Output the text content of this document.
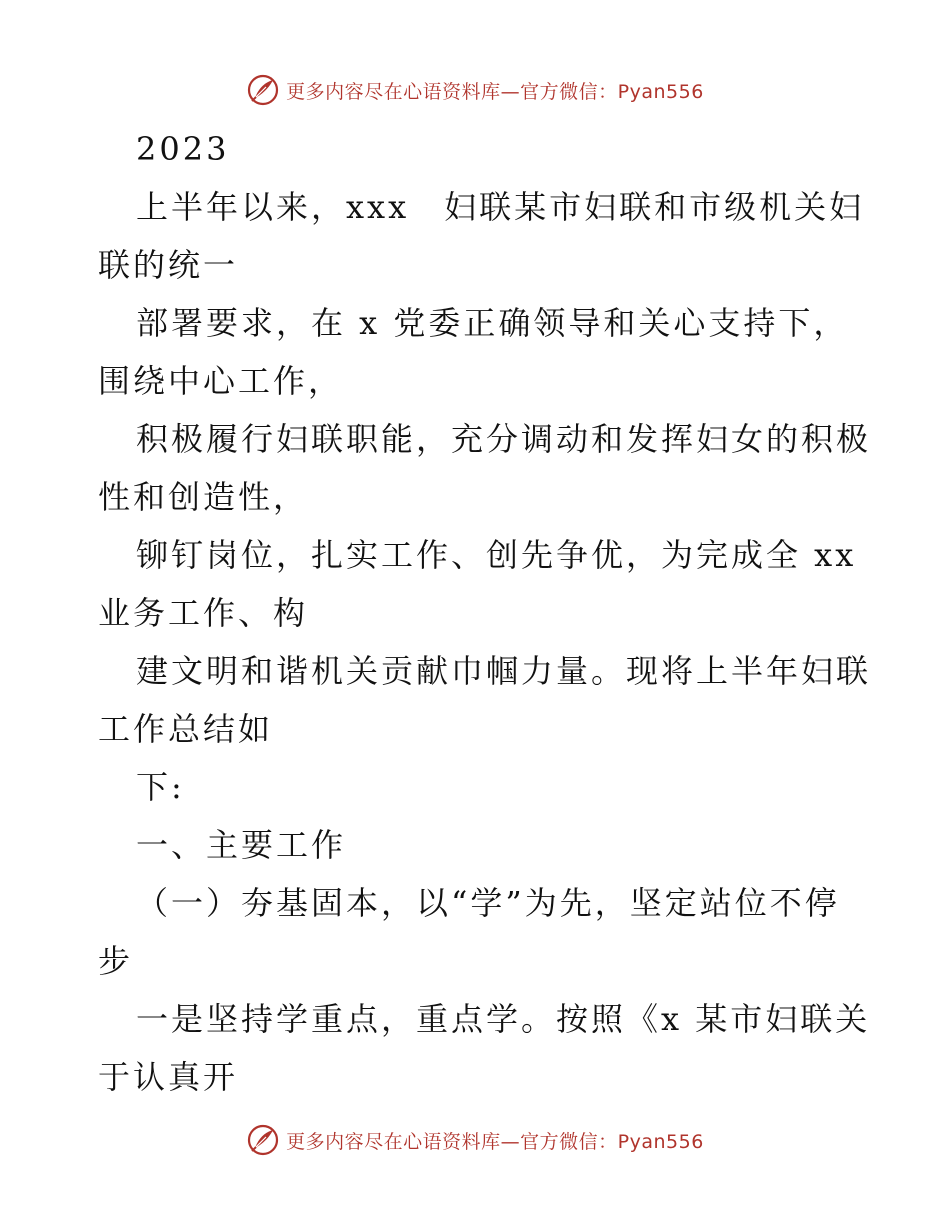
更多内容尽在心语资料库—官方微信：Pyan556
2023
上半年以来，xxx　妇联某市妇联和市级机关妇
联的统一
部署要求，在 x 党委正确领导和关心支持下，
围绕中心工作，
积极履行妇联职能，充分调动和发挥妇女的积极
性和创造性，
铆钉岗位，扎实工作、创先争优，为完成全 xx
业务工作、构
建文明和谐机关贡献巾帼力量。现将上半年妇联
工作总结如
下:
一、主要工作
（一）夯基固本，以“学”为先，坚定站位不停
步
一是坚持学重点，重点学。按照《x 某市妇联关
于认真开
更多内容尽在心语资料库—官方微信：Pyan556
